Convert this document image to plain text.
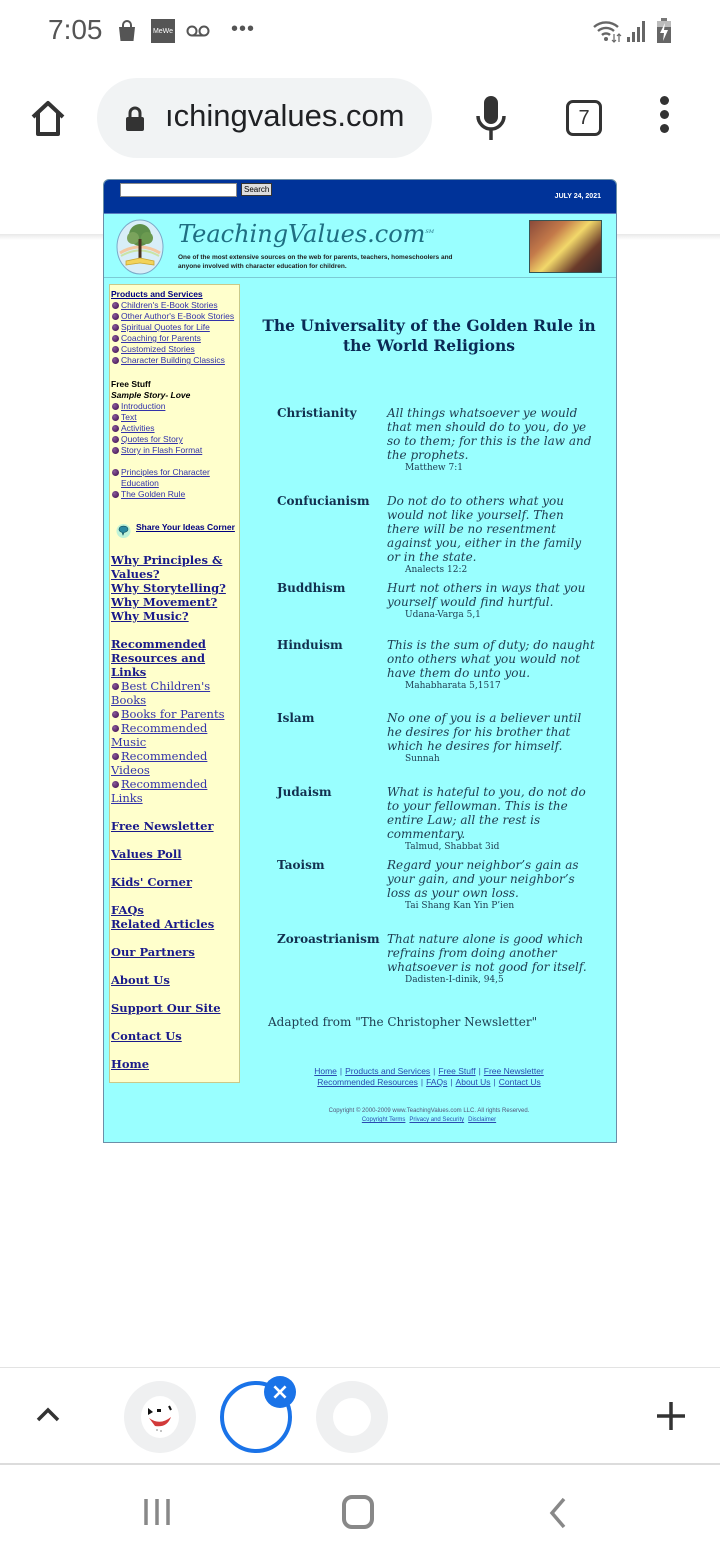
7:05	MeWe	•••
ıchingvalues.com	7
Search
JULY 24, 2021
TeachingValues.com℠
One of the most extensive sources on the web for parents, teachers, homeschoolers and anyone involved with character education for children.
Products and Services
Children's E-Book Stories
Other Author's E-Book Stories
Spiritual Quotes for Life
Coaching for Parents
Customized Stories
Character Building Classics
Free Stuff
Sample Story- Love
Introduction
Text
Activities
Quotes for Story
Story in Flash Format
Principles for Character Education
The Golden Rule
Share Your Ideas Corner
Why Principles & Values?
Why Storytelling?
Why Movement?
Why Music?
Recommended Resources and Links
Best Children's Books
Books for Parents
Recommended Music
Recommended Videos
Recommended Links
Free Newsletter
Values Poll
Kids' Corner
FAQs
Related Articles
Our Partners
About Us
Support Our Site
Contact Us
Home
The Universality of the Golden Rule in the World Religions
Christianity	All things whatsoever ye would that men should do to you, do ye so to them; for this is the law and the prophets.
Matthew 7:1
Confucianism Do not do to others what you would not like yourself. Then there will be no resentment against you, either in the family or in the state.
Analects 12:2
Buddhism	Hurt not others in ways that you yourself would find hurtful.
Udana-Varga 5,1
Hinduism	This is the sum of duty; do naught onto others what you would not have them do unto you.
Mahabharata 5,1517
Islam	No one of you is a believer until he desires for his brother that which he desires for himself.
Sunnah
Judaism	What is hateful to you, do not do to your fellowman. This is the entire Law; all the rest is commentary.
Talmud, Shabbat 3id
Taoism	Regard your neighbor’s gain as your gain, and your neighbor’s loss as your own loss.
Tai Shang Kan Yin P’ien
Zoroastrianism That nature alone is good which refrains from doing another whatsoever is not good for itself.
Dadisten-I-dinik, 94,5
Adapted from "The Christopher Newsletter"
Home | Products and Services | Free Stuff | Free Newsletter
Recommended Resources | FAQs | About Us | Contact Us
Copyright © 2000-2009 www.TeachingValues.com LLC. All rights Reserved.
Copyright Terms Privacy and Security Disclaimer
×
